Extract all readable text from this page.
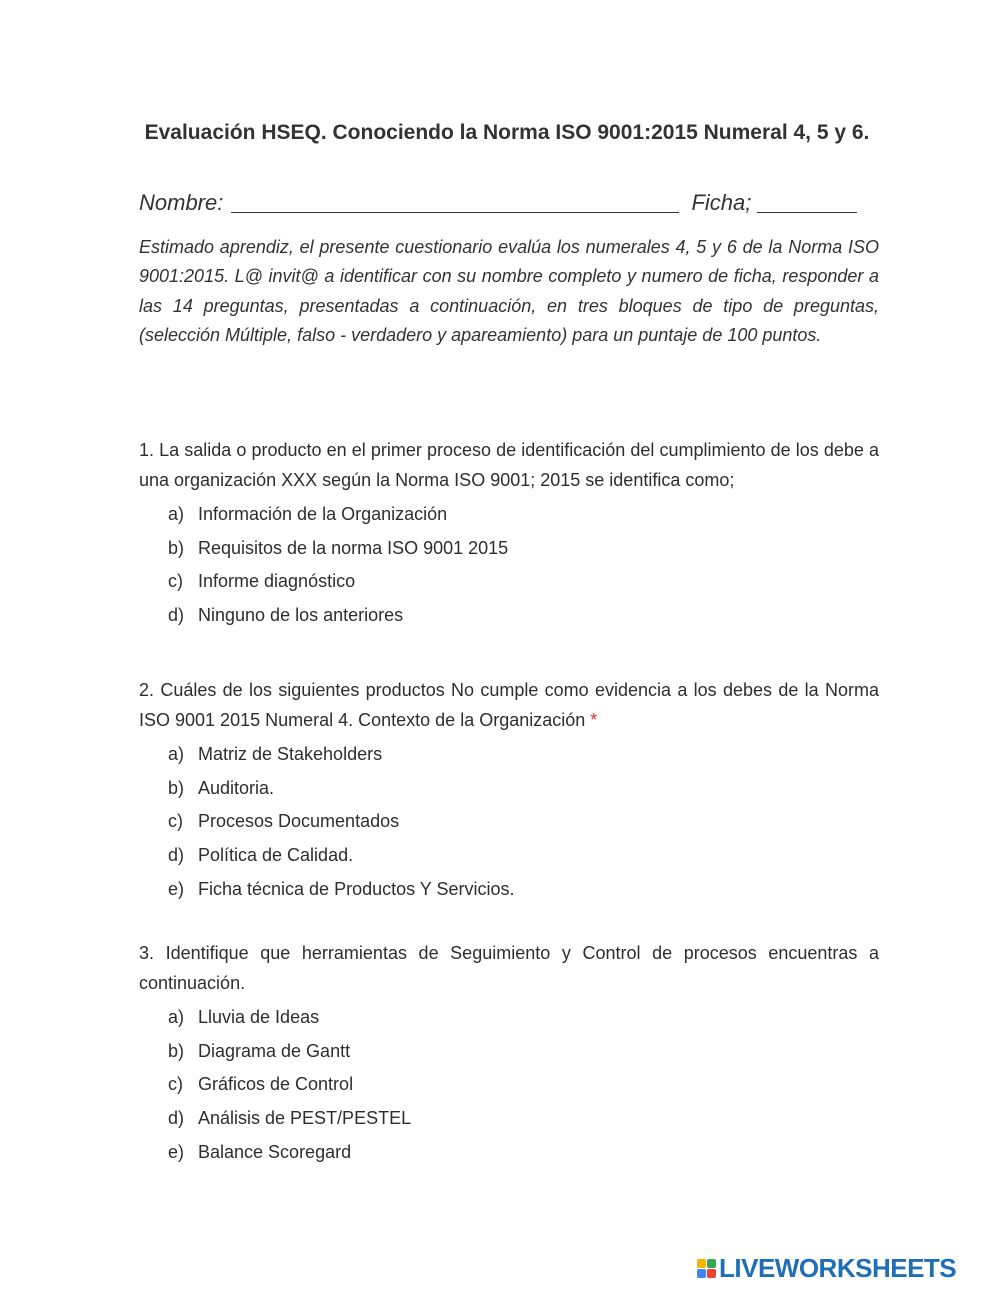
Evaluación HSEQ. Conociendo la Norma ISO 9001:2015 Numeral 4, 5 y 6.
Nombre:	Ficha;
Estimado aprendiz, el presente cuestionario evalúa los numerales 4, 5 y 6 de la Norma ISO 9001:2015. L@ invit@ a identificar con su nombre completo y numero de ficha, responder a las 14 preguntas, presentadas a continuación, en tres bloques de tipo de preguntas, (selección Múltiple, falso - verdadero y apareamiento) para un puntaje de 100 puntos.
1. La salida o producto en el primer proceso de identificación del cumplimiento de los debe a una organización XXX según la Norma ISO 9001; 2015 se identifica como;
a) Información de la Organización
b) Requisitos de la norma ISO 9001 2015
c) Informe diagnóstico
d) Ninguno de los anteriores
2. Cuáles de los siguientes productos No cumple como evidencia a los debes de la Norma ISO 9001 2015 Numeral 4. Contexto de la Organización *
a) Matriz de Stakeholders
b) Auditoria.
c) Procesos Documentados
d) Política de Calidad.
e) Ficha técnica de Productos Y Servicios.
3. Identifique que herramientas de Seguimiento y Control de procesos encuentras a continuación.
a) Lluvia de Ideas
b) Diagrama de Gantt
c) Gráficos de Control
d) Análisis de PEST/PESTEL
e) Balance Scoregard
LIVEWORKSHEETS
